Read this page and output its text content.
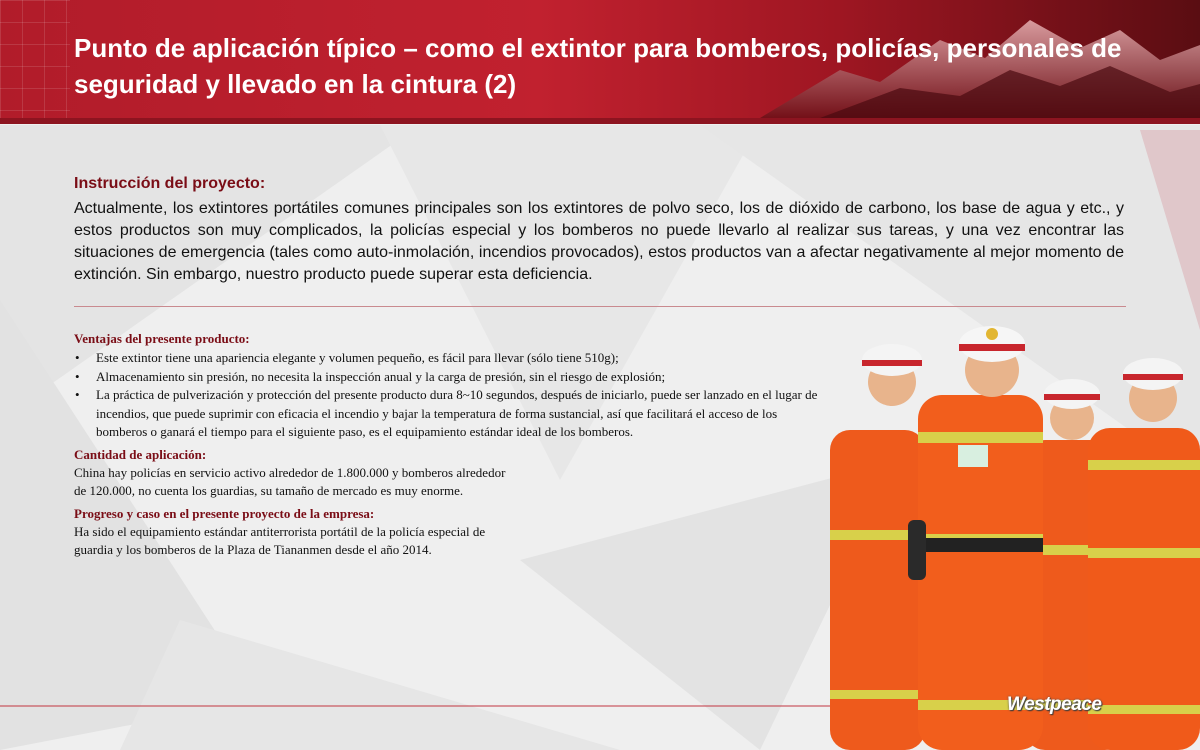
Punto de aplicación típico – como el extintor para bomberos, policías, personales de seguridad y llevado en la cintura (2)
Instrucción del proyecto:

Actualmente, los extintores portátiles comunes principales son los extintores de polvo seco, los de dióxido de carbono, los base de agua y etc., y estos productos son muy complicados, la policías especial y los bomberos no puede llevarlo al realizar sus tareas, y una vez encontrar las situaciones de emergencia (tales como auto-inmolación, incendios provocados), estos productos van a afectar negativamente al mejor momento de extinción. Sin embargo, nuestro producto puede superar esta deficiencia.

Ventajas del presente producto:
• Este extintor tiene una apariencia elegante y volumen pequeño, es fácil para llevar (sólo tiene 510g);
• Almacenamiento sin presión, no necesita la inspección anual y la carga de presión, sin el riesgo de explosión;
• La práctica de pulverización y protección del presente producto dura 8~10 segundos, después de iniciarlo, puede ser lanzado en el lugar de incendios, que puede suprimir con eficacia el incendio y bajar la temperatura de forma sustancial, así que facilitará el acceso de los bomberos o ganará el tiempo para el siguiente paso, es el equipamiento estándar ideal de los bomberos.
Cantidad de aplicación:

China hay policías en servicio activo alrededor de 1.800.000 y bomberos alrededor de 120.000, no cuenta los guardias, su tamaño de mercado es muy enorme.

Progreso y caso en el presente proyecto de la empresa:

Ha sido el equipamiento estándar antiterrorista portátil de la policía especial de guardia y los bomberos de la Plaza de Tiananmen desde el año 2014.

Westpeace
